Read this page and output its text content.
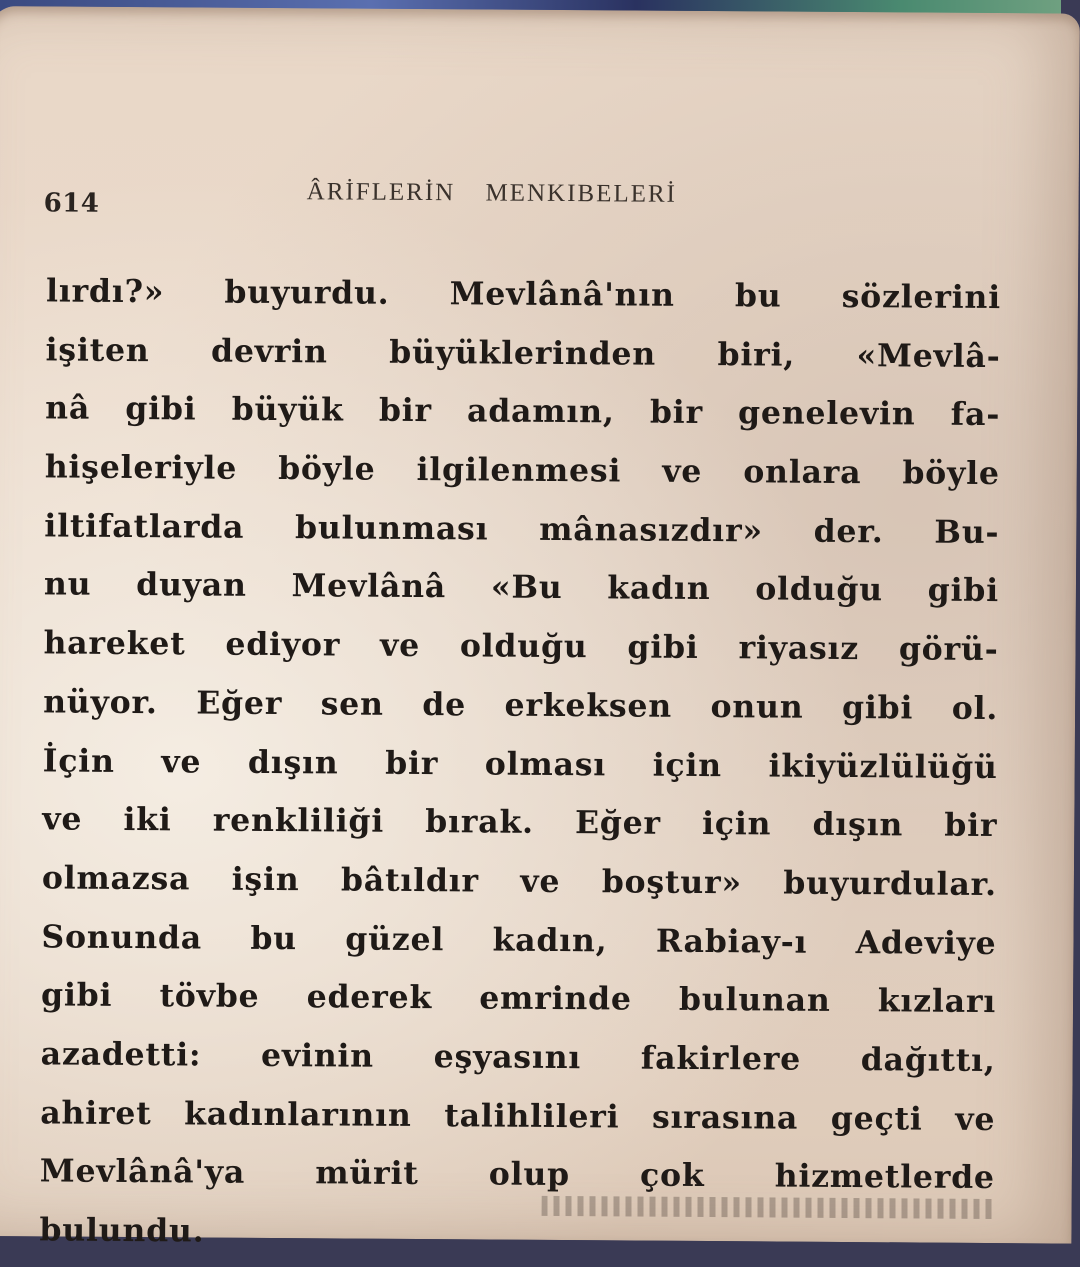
614	ÂRİFLERİN MENKIBELERİ
lırdı?» buyurdu. Mevlânâ'nın bu sözlerini
işiten devrin büyüklerinden biri, «Mevlâ-
nâ gibi büyük bir adamın, bir genelevin fa-
hişeleriyle böyle ilgilenmesi ve onlara böyle
iltifatlarda bulunması mânasızdır» der. Bu-
nu duyan Mevlânâ «Bu kadın olduğu gibi
hareket ediyor ve olduğu gibi riyasız görü-
nüyor. Eğer sen de erkeksen onun gibi ol.
İçin ve dışın bir olması için ikiyüzlülüğü
ve iki renkliliği bırak. Eğer için dışın bir
olmazsa işin bâtıldır ve boştur» buyurdular.
Sonunda bu güzel kadın, Rabiay-ı Adeviye
gibi tövbe ederek emrinde bulunan kızları
azadetti: evinin eşyasını fakirlere dağıttı,
ahiret kadınlarının talihlileri sırasına geçti ve
Mevlânâ'ya mürit olup çok hizmetlerde
bulundu.
